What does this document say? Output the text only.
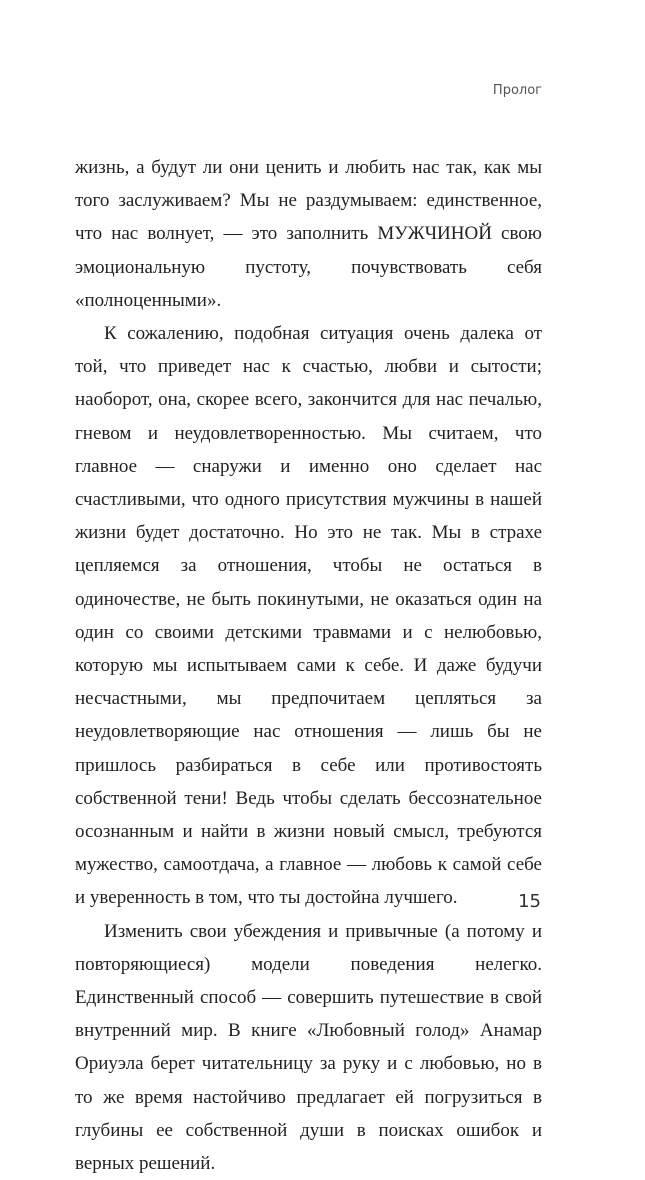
Пролог

жизнь, а будут ли они ценить и любить нас так, как мы того заслуживаем? Мы не раздумываем: единственное, что нас волнует, — это заполнить МУЖЧИНОЙ свою эмоциональную пустоту, почувствовать себя «полноценными».

К сожалению, подобная ситуация очень далека от той, что приведет нас к счастью, любви и сытости; наоборот, она, скорее всего, закончится для нас печалью, гневом и неудовлетворенностью. Мы считаем, что главное — снаружи и именно оно сделает нас счастливыми, что одного присутствия мужчины в нашей жизни будет достаточно. Но это не так. Мы в страхе цепляемся за отношения, чтобы не остаться в одиночестве, не быть покинутыми, не оказаться один на один со своими детскими травмами и с нелюбовью, которую мы испытываем сами к себе. И даже будучи несчастными, мы предпочитаем цепляться за неудовлетворяющие нас отношения — лишь бы не пришлось разбираться в себе или противостоять собственной тени! Ведь чтобы сделать бессознательное осознанным и найти в жизни новый смысл, требуются мужество, самоотдача, а главное — любовь к самой себе и уверенность в том, что ты достойна лучшего.

Изменить свои убеждения и привычные (а потому и повторяющиеся) модели поведения нелегко. Единственный способ — совершить путешествие в свой внутренний мир. В книге «Любовный голод» Анамар Ориуэла берет читательницу за руку и с любовью, но в то же время настойчиво предлагает ей погрузиться в глубины ее собственной души в поисках ошибок и верных решений.

15
